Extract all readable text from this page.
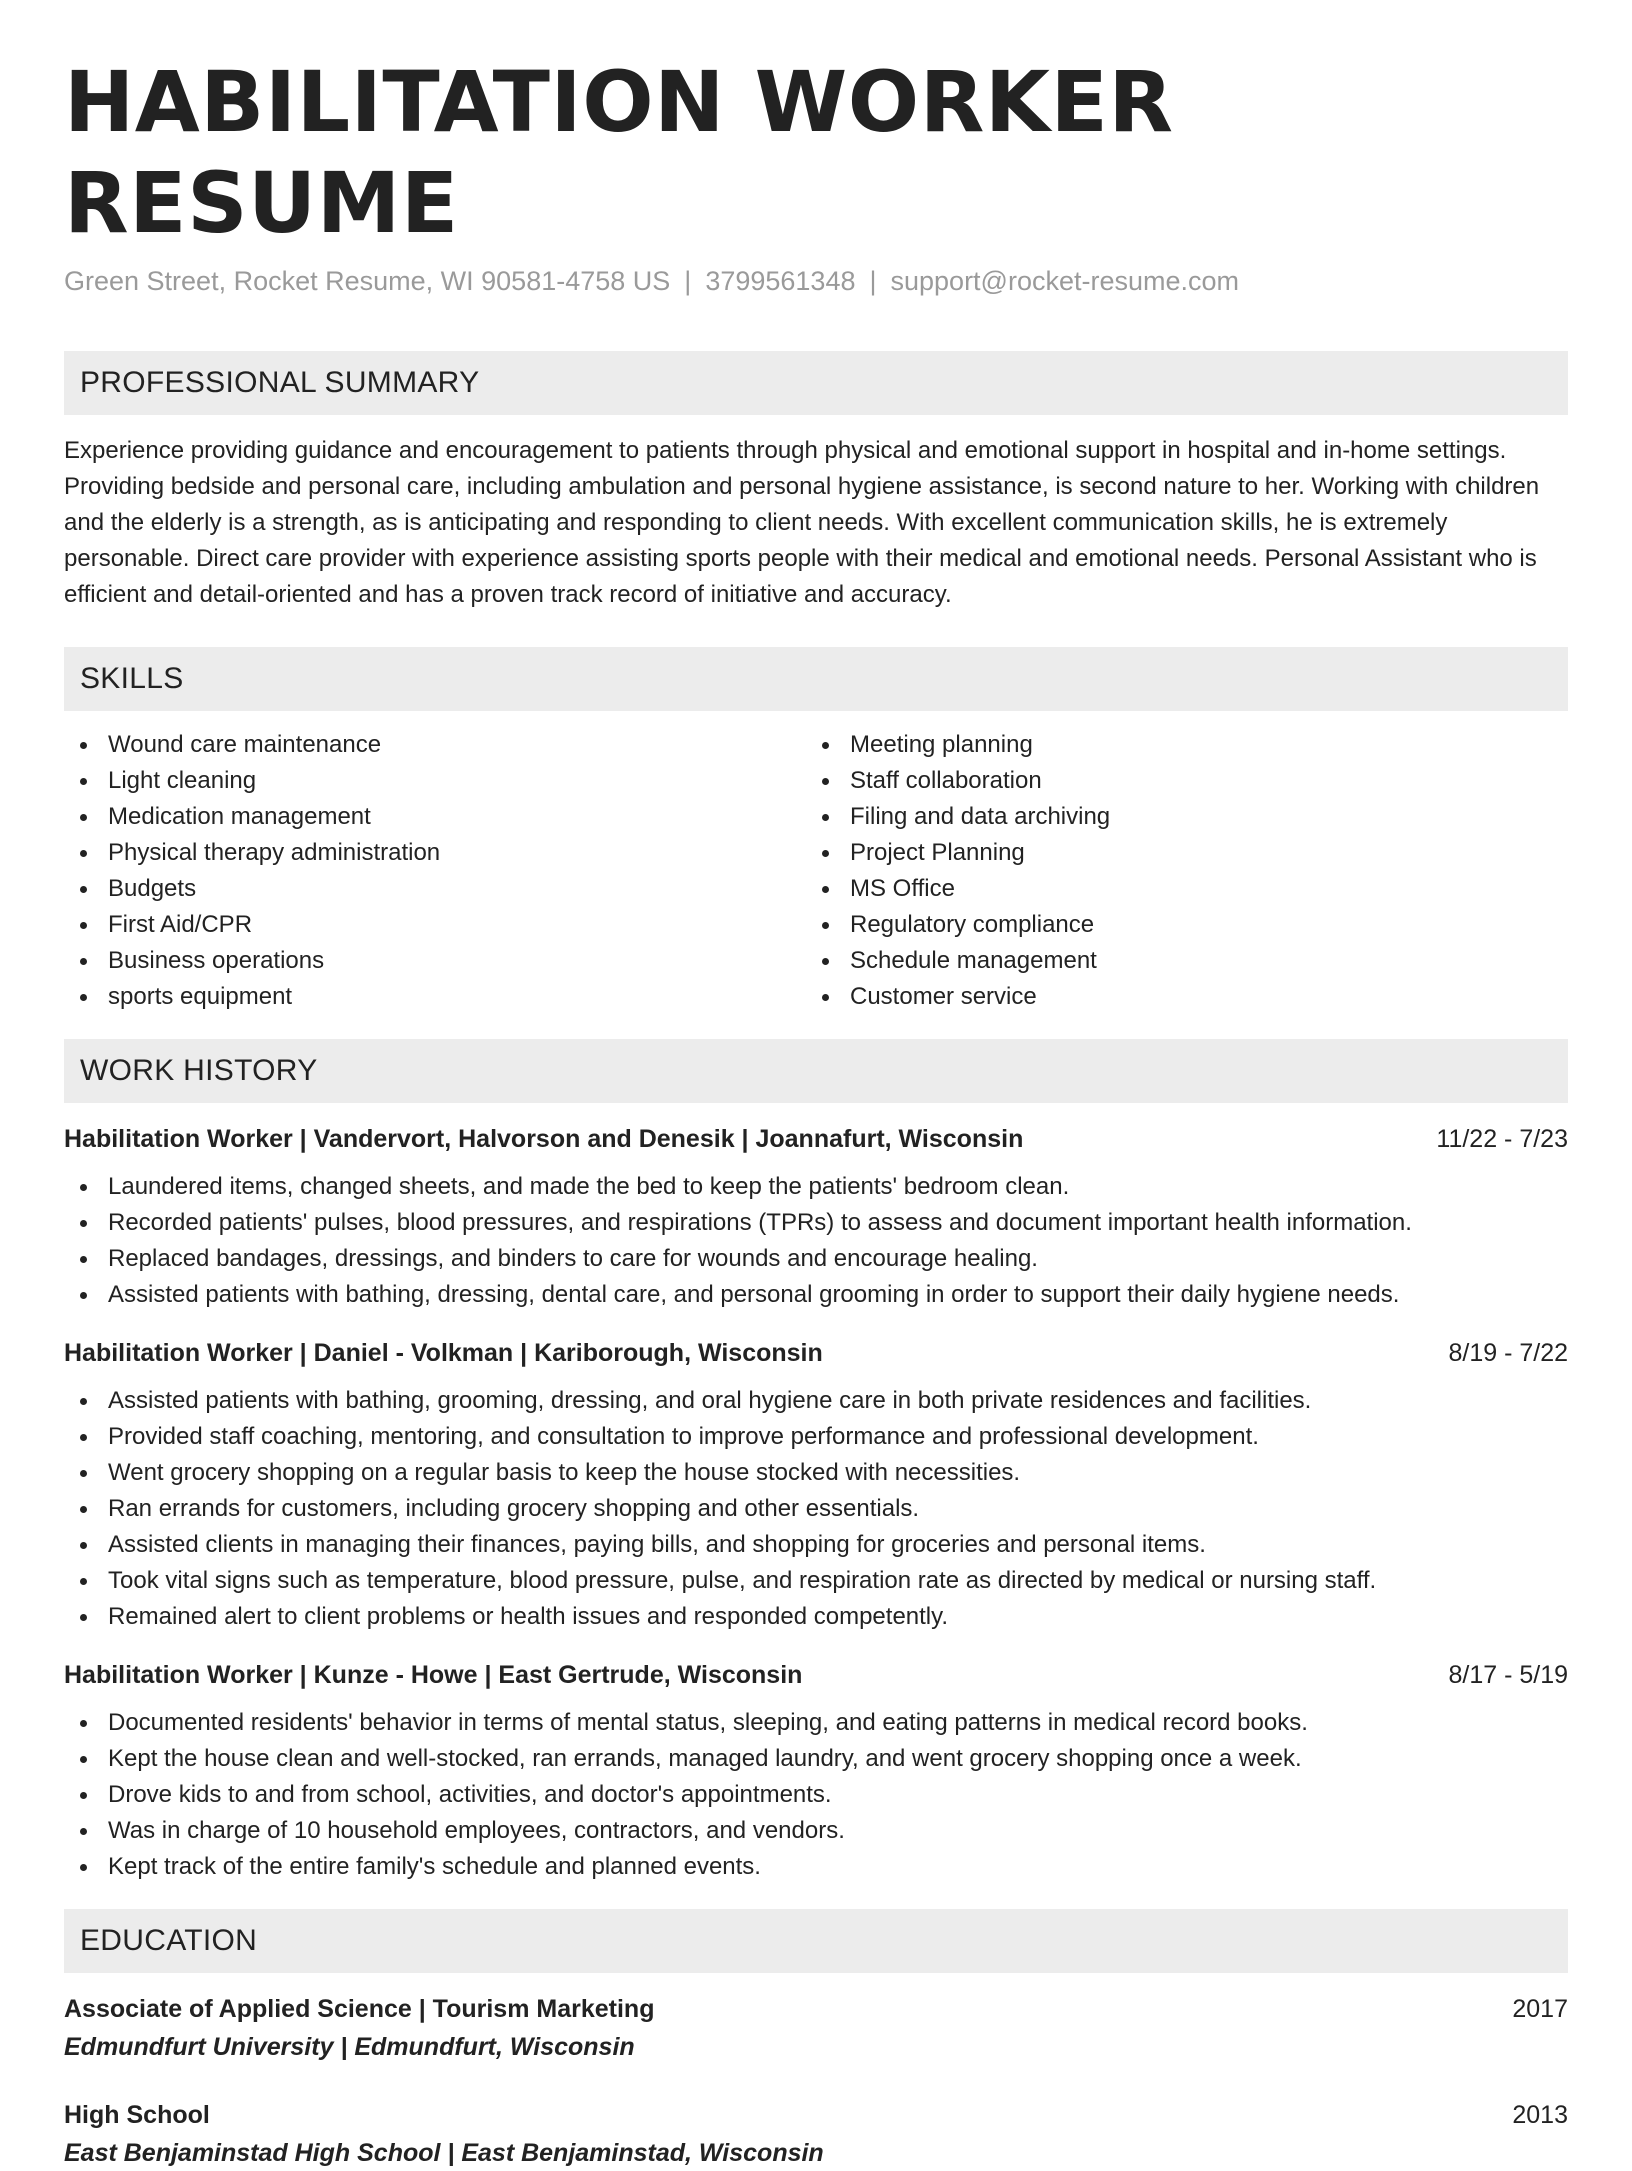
HABILITATION WORKER RESUME
Green Street, Rocket Resume, WI 90581-4758 US | 3799561348 | support@rocket-resume.com
PROFESSIONAL SUMMARY
Experience providing guidance and encouragement to patients through physical and emotional support in hospital and in-home settings. Providing bedside and personal care, including ambulation and personal hygiene assistance, is second nature to her. Working with children and the elderly is a strength, as is anticipating and responding to client needs. With excellent communication skills, he is extremely personable. Direct care provider with experience assisting sports people with their medical and emotional needs. Personal Assistant who is efficient and detail-oriented and has a proven track record of initiative and accuracy.
SKILLS
Wound care maintenance
Light cleaning
Medication management
Physical therapy administration
Budgets
First Aid/CPR
Business operations
sports equipment
Meeting planning
Staff collaboration
Filing and data archiving
Project Planning
MS Office
Regulatory compliance
Schedule management
Customer service
WORK HISTORY
Habilitation Worker | Vandervort, Halvorson and Denesik | Joannafurt, Wisconsin	11/22 - 7/23
Laundered items, changed sheets, and made the bed to keep the patients' bedroom clean.
Recorded patients' pulses, blood pressures, and respirations (TPRs) to assess and document important health information.
Replaced bandages, dressings, and binders to care for wounds and encourage healing.
Assisted patients with bathing, dressing, dental care, and personal grooming in order to support their daily hygiene needs.
Habilitation Worker | Daniel - Volkman | Kariborough, Wisconsin	8/19 - 7/22
Assisted patients with bathing, grooming, dressing, and oral hygiene care in both private residences and facilities.
Provided staff coaching, mentoring, and consultation to improve performance and professional development.
Went grocery shopping on a regular basis to keep the house stocked with necessities.
Ran errands for customers, including grocery shopping and other essentials.
Assisted clients in managing their finances, paying bills, and shopping for groceries and personal items.
Took vital signs such as temperature, blood pressure, pulse, and respiration rate as directed by medical or nursing staff.
Remained alert to client problems or health issues and responded competently.
Habilitation Worker | Kunze - Howe | East Gertrude, Wisconsin	8/17 - 5/19
Documented residents' behavior in terms of mental status, sleeping, and eating patterns in medical record books.
Kept the house clean and well-stocked, ran errands, managed laundry, and went grocery shopping once a week.
Drove kids to and from school, activities, and doctor's appointments.
Was in charge of 10 household employees, contractors, and vendors.
Kept track of the entire family's schedule and planned events.
EDUCATION
Associate of Applied Science | Tourism Marketing	2017
Edmundfurt University | Edmundfurt, Wisconsin
High School	2013
East Benjaminstad High School | East Benjaminstad, Wisconsin
